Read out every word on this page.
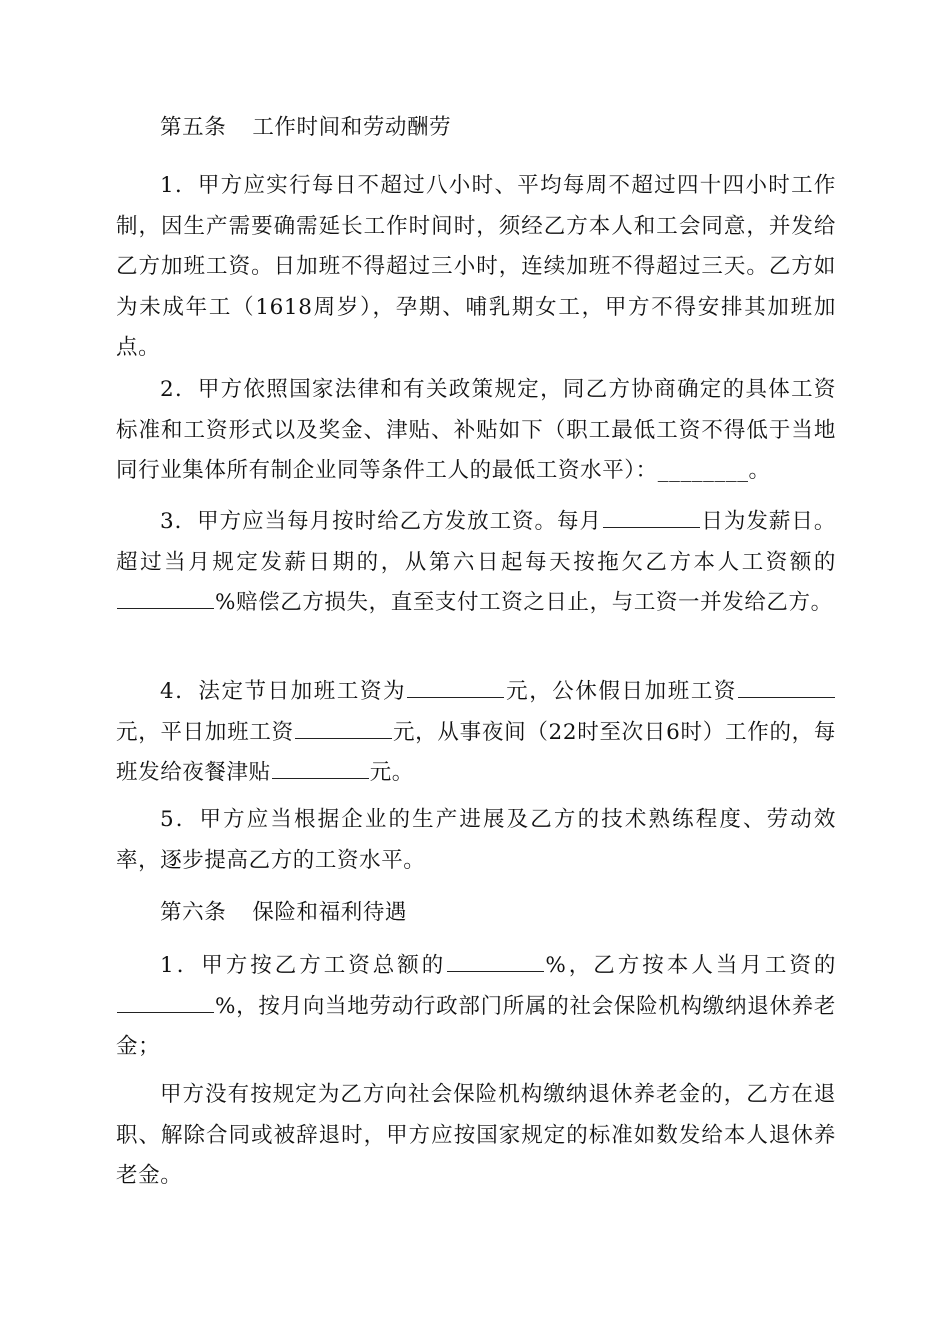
第五条 工作时间和劳动酬劳

1．甲方应实行每日不超过八小时、平均每周不超过四十四小时工作制，因生产需要确需延长工作时间时，须经乙方本人和工会同意，并发给乙方加班工资。日加班不得超过三小时，连续加班不得超过三天。乙方如为未成年工（1618周岁），孕期、哺乳期女工，甲方不得安排其加班加点。

2．甲方依照国家法律和有关政策规定，同乙方协商确定的具体工资标准和工资形式以及奖金、津贴、补贴如下（职工最低工资不得低于当地同行业集体所有制企业同等条件工人的最低工资水平）：________。

3．甲方应当每月按时给乙方发放工资。每月	日为发薪日。超过当月规定发薪日期的，从第六日起每天按拖欠乙方本人工资额的%赔偿乙方损失，直至支付工资之日止，与工资一并发给乙方。

4．法定节日加班工资为	元，公休假日加班工资元，平日加班工资	元，从事夜间（22时至次日6时）工作的，每班发给夜餐津贴	元。

5．甲方应当根据企业的生产进展及乙方的技术熟练程度、劳动效率，逐步提高乙方的工资水平。

第六条 保险和福利待遇

1．甲方按乙方工资总额的	%，乙方按本人当月工资的%，按月向当地劳动行政部门所属的社会保险机构缴纳退休养老金；

甲方没有按规定为乙方向社会保险机构缴纳退休养老金的，乙方在退职、解除合同或被辞退时，甲方应按国家规定的标准如数发给本人退休养老金。
